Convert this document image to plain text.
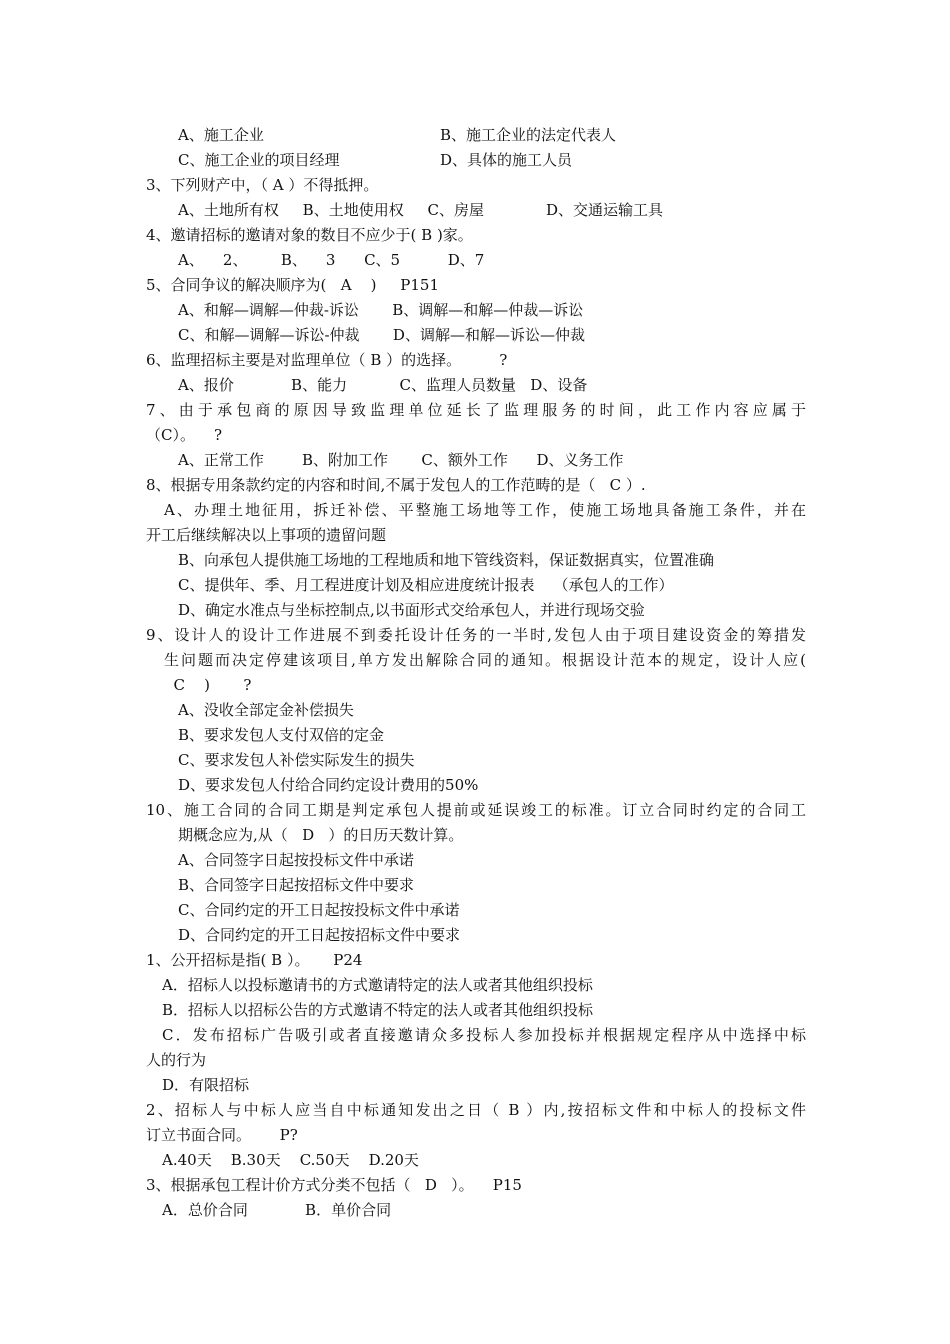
A、施工企业	B、施工企业的法定代表人
C、施工企业的项目经理	D、具体的施工人员
3、下列财产中，（ A ）不得抵押。
A、土地所有权     B、土地使用权     C、房屋             D、交通运输工具
4、邀请招标的邀请对象的数目不应少于( B )家。
A、    2、       B、    3      C、5          D、7
5、合同争议的解决顺序为(   A    )     P151
A、和解—调解—仲裁-诉讼       B、调解—和解—仲裁—诉讼
C、和解—调解—诉讼-仲裁       D、调解—和解—诉讼—仲裁
6、监理招标主要是对监理单位（ B ）的选择。        ?
A、报价            B、能力           C、监理人员数量   D、设备
7、由于承包商的原因导致监理单位延长了监理服务的时间，此工作内容应属于
（C）。    ?
A、正常工作        B、附加工作       C、额外工作      D、义务工作
8、根据专用条款约定的内容和时间,不属于发包人的工作范畴的是（   C ）.
A、办理土地征用，拆迁补偿、平整施工场地等工作，使施工场地具备施工条件，并在
开工后继续解决以上事项的遗留问题
B、向承包人提供施工场地的工程地质和地下管线资料，保证数据真实，位置准确
C、提供年、季、月工程进度计划及相应进度统计报表    （承包人的工作）
D、确定水准点与坐标控制点,以书面形式交给承包人，并进行现场交验
9、设计人的设计工作进展不到委托设计任务的一半时,发包人由于项目建设资金的筹措发
生问题而决定停建该项目,单方发出解除合同的通知。根据设计范本的规定，设计人应(
C    )       ?
A、没收全部定金补偿损失
B、要求发包人支付双倍的定金
C、要求发包人补偿实际发生的损失
D、要求发包人付给合同约定设计费用的50%
10、施工合同的合同工期是判定承包人提前或延误竣工的标准。订立合同时约定的合同工
期概念应为,从（   D   ）的日历天数计算。
A、合同签字日起按投标文件中承诺
B、合同签字日起按招标文件中要求
C、合同约定的开工日起按投标文件中承诺
D、合同约定的开工日起按招标文件中要求
1、公开招标是指( B ）。     P24
A．招标人以投标邀请书的方式邀请特定的法人或者其他组织投标
B．招标人以招标公告的方式邀请不特定的法人或者其他组织投标
C．发布招标广告吸引或者直接邀请众多投标人参加投标并根据规定程序从中选择中标
人的行为
D．有限招标
2、招标人与中标人应当自中标通知发出之日（ B ）内,按招标文件和中标人的投标文件
订立书面合同。      P?
A.40天    B.30天    C.50天    D.20天
3、根据承包工程计价方式分类不包括（   D   ）。    P15
A．总价合同            B．单价合同
